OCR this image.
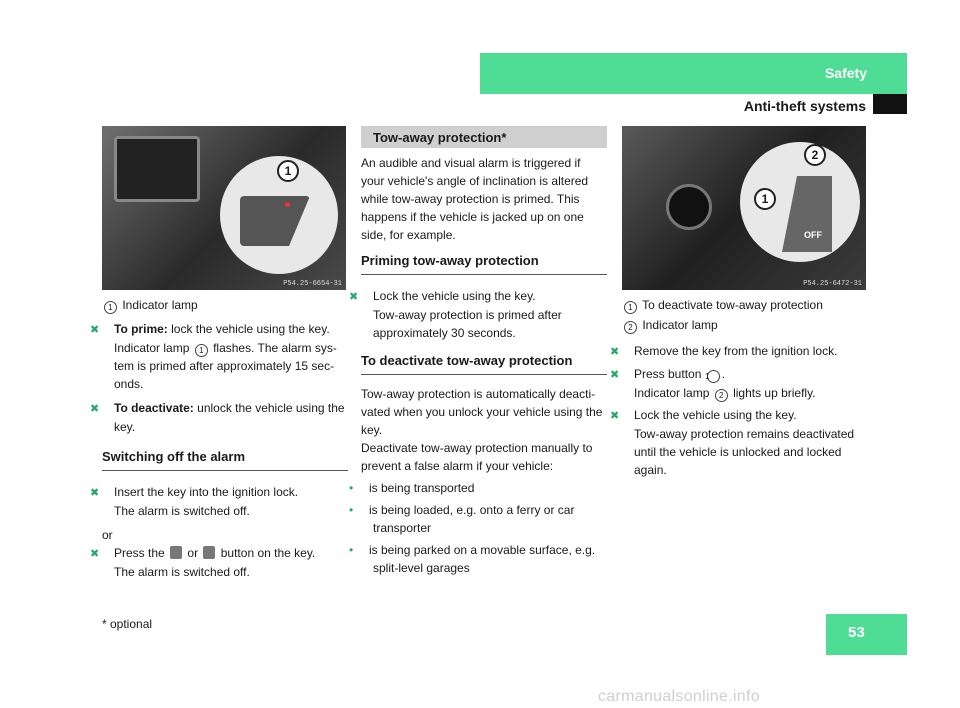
Safety
Anti-theft systems
1
P54.25-6654-31

1 Indicator lamp

✖ To prime: lock the vehicle using the key.

Indicator lamp 1 flashes. The alarm sys-tem is primed after approximately 15 sec-onds.

✖ To deactivate: unlock the vehicle using the key.

Switching off the alarm

✖ Insert the key into the ignition lock.

The alarm is switched off.

or

✖ Press the or button on the key.

The alarm is switched off.

Tow-away protection*

An audible and visual alarm is triggered if your vehicle's angle of inclination is altered while tow-away protection is primed. This happens if the vehicle is jacked up on one side, for example.

Priming tow-away protection

✖ Lock the vehicle using the key.

Tow-away protection is primed after approximately 30 seconds.

To deactivate tow-away protection

Tow-away protection is automatically deacti-vated when you unlock your vehicle using the key.

Deactivate tow-away protection manually to prevent a false alarm if your vehicle:

• is being transported

• is being loaded, e.g. onto a ferry or car transporter

• is being parked on a movable surface, e.g. split-level garages

OFF
2
1
P54.25-6472-31

1 To deactivate tow-away protection

2 Indicator lamp

✖ Remove the key from the ignition lock.

✖ Press button 1 .

Indicator lamp 2 lights up briefly.

✖ Lock the vehicle using the key.

Tow-away protection remains deactivated until the vehicle is unlocked and locked again.

53
* optional
carmanualsonline.info
